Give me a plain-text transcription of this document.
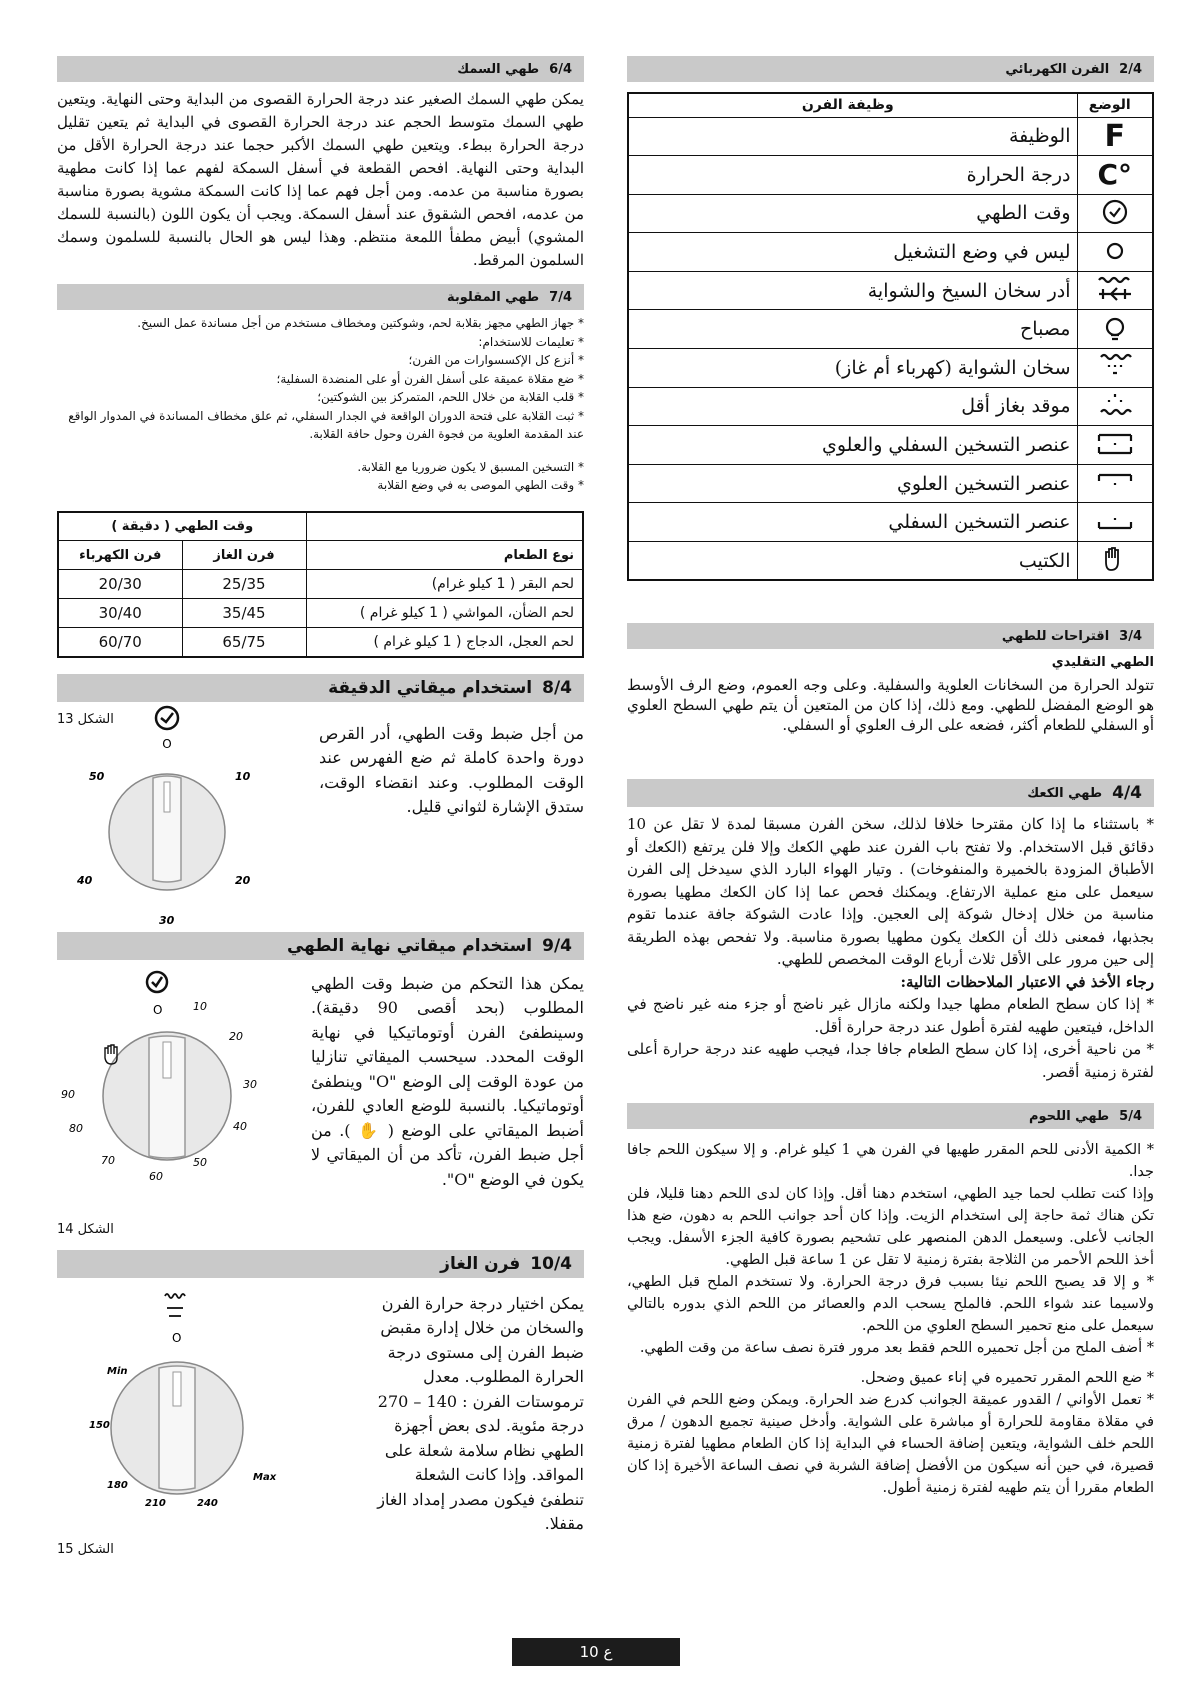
2/4
الفرن الكهربائي
الوضع	وظيفة الفرن

F	الوظيفة

°C	درجة الحرارة

	وقت الطهي

	ليس في وضع التشغيل

	أدر سخان السيخ والشواية

	مصباح

	سخان الشواية (كهرباء أم غاز)

	موقد بغاز أقل

	عنصر التسخين السفلي والعلوي

	عنصر التسخين العلوي

	عنصر التسخين السفلي

	الكتيب
3/4
اقتراحات للطهي
الطهي التقليدي
تتولد الحرارة من السخانات العلوية والسفلية. وعلى وجه العموم، وضع الرف الأوسط هو الوضع المفضل للطهي. ومع ذلك، إذا كان من المتعين أن يتم طهي السطح العلوي أو السفلي للطعام أكثر، فضعه على الرف العلوي أو السفلي.
4/4
طهي الكعك
* باستثناء ما إذا كان مقترحا خلافا لذلك، سخن الفرن مسبقا لمدة لا تقل عن 10 دقائق قبل الاستخدام. ولا تفتح باب الفرن عند طهي الكعك وإلا فلن يرتفع (الكعك أو الأطباق المزودة بالخميرة والمنفوخات) . وتيار الهواء البارد الذي سيدخل إلى الفرن سيعمل على منع عملية الارتفاع. ويمكنك فحص عما إذا كان الكعك مطهيا بصورة مناسبة من خلال إدخال شوكة إلى العجين. وإذا عادت الشوكة جافة عندما تقوم بجذبها، فمعنى ذلك أن الكعك يكون مطهيا بصورة مناسبة. ولا تفحص بهذه الطريقة إلى حين مرور على الأقل ثلاث أرباع الوقت المخصص للطهي.
رجاء الأخذ في الاعتبار الملاحظات التالية:
* إذا كان سطح الطعام مطها جيدا ولكنه مازال غير ناضج أو جزء منه غير ناضج في الداخل، فيتعين طهيه لفترة أطول عند درجة حرارة أقل.
* من ناحية أخرى، إذا كان سطح الطعام جافا جدا، فيجب طهيه عند درجة حرارة أعلى لفترة زمنية أقصر.
5/4
طهي اللحوم
* الكمية الأدنى للحم المقرر طهيها في الفرن هي 1 كيلو غرام. و إلا سيكون اللحم جافا جدا.
وإذا كنت تطلب لحما جيد الطهي، استخدم دهنا أقل. وإذا كان لدى اللحم دهنا قليلا، فلن تكن هناك ثمة حاجة إلى استخدام الزيت. وإذا كان أحد جوانب اللحم به دهون، ضع هذا الجانب لأعلى. وسيعمل الدهن المنصهر على تشحيم بصورة كافية الجزء الأسفل. ويجب أخذ اللحم الأحمر من الثلاجة بفترة زمنية لا تقل عن 1 ساعة قبل الطهي.
* و إلا قد يصبح اللحم نيئا بسبب فرق درجة الحرارة. ولا تستخدم الملح قبل الطهي، ولاسيما عند شواء اللحم. فالملح يسحب الدم والعصائر من اللحم الذي بدوره بالتالي سيعمل على منع تحمير السطح العلوي من اللحم.
* أضف الملح من أجل تحميره اللحم فقط بعد مرور فترة نصف ساعة من وقت الطهي.
* ضع اللحم المقرر تحميره في إناء عميق وضحل.
* تعمل الأواني / القدور عميقة الجوانب كدرع ضد الحرارة. ويمكن وضع اللحم في الفرن في مقلاة مقاومة للحرارة أو مباشرة على الشواية. وأدخل صينية تجميع الدهون / مرق اللحم خلف الشواية، ويتعين إضافة الحساء في البداية إذا كان الطعام مطهيا لفترة زمنية قصيرة، في حين أنه سيكون من الأفضل إضافة الشربة في نصف الساعة الأخيرة إذا كان الطعام مقررا أن يتم طهيه لفترة زمنية أطول.
6/4
طهي السمك
يمكن طهي السمك الصغير عند درجة الحرارة القصوى من البداية وحتى النهاية. ويتعين طهي السمك متوسط الحجم عند درجة الحرارة القصوى في البداية ثم يتعين تقليل درجة الحرارة ببطء. ويتعين طهي السمك الأكبر حجما عند درجة الحرارة الأقل من البداية وحتى النهاية. افحص القطعة في أسفل السمكة لفهم عما إذا كانت مطهية بصورة مناسبة من عدمه. ومن أجل فهم عما إذا كانت السمكة مشوية بصورة مناسبة من عدمه، افحص الشقوق عند أسفل السمكة. ويجب أن يكون اللون (بالنسبة للسمك المشوي) أبيض مطفأ اللمعة منتظم. وهذا ليس هو الحال بالنسبة للسلمون وسمك السلمون المرقط.
7/4
طهي المقلوبة
* جهاز الطهي مجهز بقلابة لحم، وشوكتين ومخطاف مستخدم من أجل مساندة عمل السيخ.
* تعليمات للاستخدام:
* أنزع كل الإكسسوارات من الفرن؛
* ضع مقلاة عميقة على أسفل الفرن أو على المنضدة السفلية؛
* قلب القلابة من خلال اللحم، المتمركز بين الشوكتين؛
* ثبت القلابة على فتحة الدوران الواقعة في الجدار السفلي، ثم علق مخطاف المساندة في المدوار الواقع عند المقدمة العلوية من فجوة الفرن وحول حافة القلابة.
* التسخين المسبق لا يكون ضروريا مع القلابة.
* وقت الطهي الموصى به في وضع القلابة
	وقت الطهي ( دقيقة )	
نوع الطعام	فرن الغاز	فرن الكهرباء
لحم البقر ( 1 كيلو غرام)	25/35	20/30
لحم الضأن، المواشي ( 1 كيلو غرام )	35/45	30/40
لحم العجل، الدجاج ( 1 كيلو غرام )	65/75	60/70
8/4
استخدام ميقاتي الدقيقة
الشكل 13
O
50	10
40	20
30
من أجل ضبط وقت الطهي، أدر القرص دورة واحدة كاملة ثم ضع الفهرس عند الوقت المطلوب. وعند انقضاء الوقت، ستدق الإشارة لثواني قليل.
9/4
استخدام ميقاتي نهاية الطهي
O	10
20
30
40
50
60
70
80
90
الشكل 14
يمكن هذا التحكم من ضبط وقت الطهي المطلوب (بحد أقصى 90 دقيقة). وسينطفئ الفرن أوتوماتيكيا في نهاية الوقت المحدد. سيحسب الميقاتي تنازليا من عودة الوقت إلى الوضع "O" وينطفئ أوتوماتيكيا. بالنسبة للوضع العادي للفرن، أضبط الميقاتي على الوضع ( ✋ ). من أجل ضبط الفرن، تأكد من أن الميقاتي لا يكون في الوضع "O".
10/4
فرن الغاز
O
Min
150
180
210	240
Max
الشكل 15
يمكن اختيار درجة حرارة الفرن والسخان من خلال إدارة مقبض ضبط الفرن إلى مستوى درجة الحرارة المطلوب. معدل ترموستات الفرن : 140 – 270 درجة مئوية. لدى بعض أجهزة الطهي نظام سلامة شعلة على المواقد. وإذا كانت الشعلة تنطفئ فيكون مصدر إمداد الغاز مقفلا.
ع 10
